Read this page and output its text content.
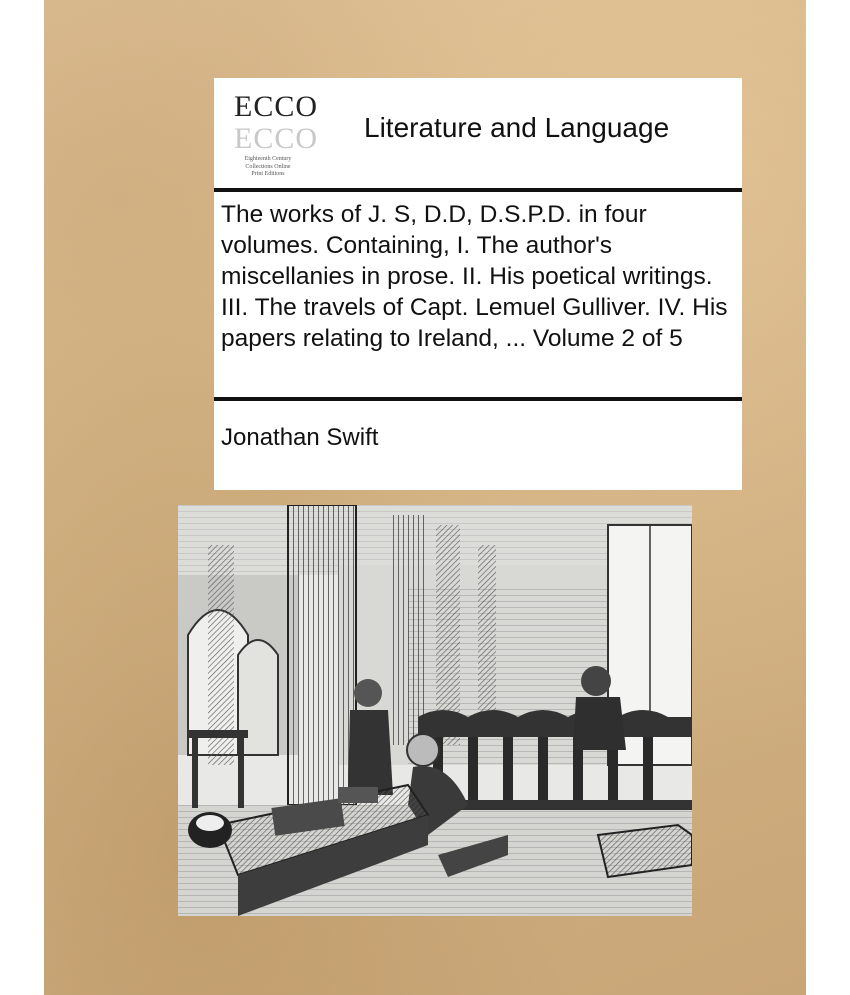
ECCO
ECCO
Eighteenth Century
Collections Online
Print Editions
Literature and Language
The works of J. S, D.D, D.S.P.D. in four volumes. Containing, I. The author's miscellanies in prose. II. His poetical writings. III. The travels of Capt. Lemuel Gulliver. IV. His papers relating to Ireland, ... Volume 2 of 5
Jonathan Swift
